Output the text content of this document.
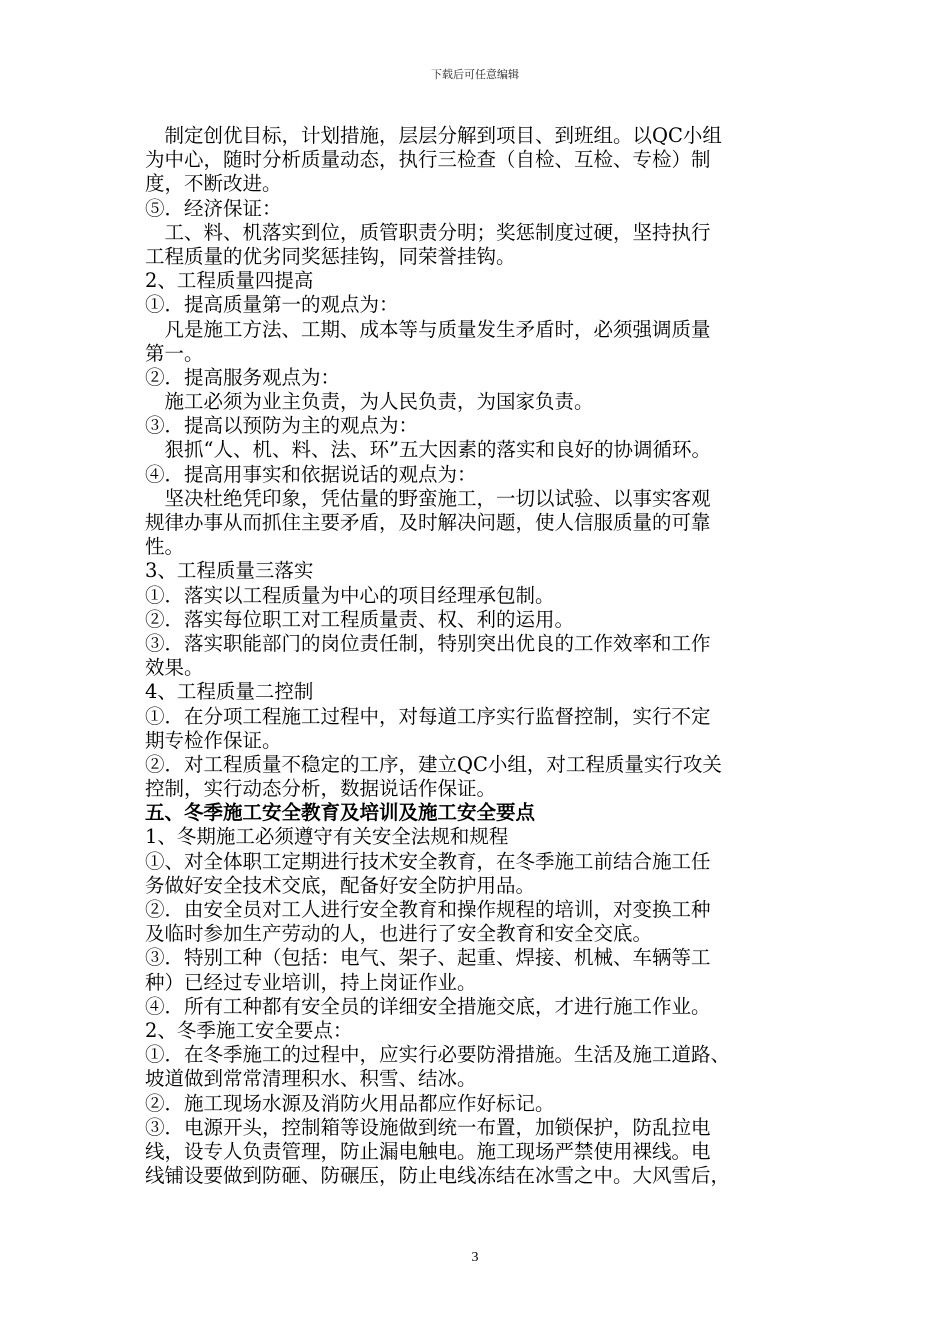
下载后可任意编辑
　制定创优目标，计划措施，层层分解到项目、到班组。以QC小组
为中心，随时分析质量动态，执行三检查（自检、互检、专检）制
度，不断改进。
⑤．经济保证：
　工、料、机落实到位，质管职责分明；奖惩制度过硬，坚持执行
工程质量的优劣同奖惩挂钩，同荣誉挂钩。
2、工程质量四提高
①．提高质量第一的观点为：
　凡是施工方法、工期、成本等与质量发生矛盾时，必须强调质量
第一。
②．提高服务观点为：
　施工必须为业主负责，为人民负责，为国家负责。
③．提高以预防为主的观点为：
　狠抓“人、机、料、法、环”五大因素的落实和良好的协调循环。
④．提高用事实和依据说话的观点为：
　坚决杜绝凭印象，凭估量的野蛮施工，一切以试验、以事实客观
规律办事从而抓住主要矛盾，及时解决问题，使人信服质量的可靠
性。
3、工程质量三落实
①．落实以工程质量为中心的项目经理承包制。
②．落实每位职工对工程质量责、权、利的运用。
③．落实职能部门的岗位责任制，特别突出优良的工作效率和工作
效果。
4、工程质量二控制
①．在分项工程施工过程中，对每道工序实行监督控制，实行不定
期专检作保证。
②．对工程质量不稳定的工序，建立QC小组，对工程质量实行攻关
控制，实行动态分析，数据说话作保证。
五、冬季施工安全教育及培训及施工安全要点
1、冬期施工必须遵守有关安全法规和规程
①、对全体职工定期进行技术安全教育，在冬季施工前结合施工任
务做好安全技术交底，配备好安全防护用品。
②．由安全员对工人进行安全教育和操作规程的培训，对变换工种
及临时参加生产劳动的人，也进行了安全教育和安全交底。
③．特别工种（包括：电气、架子、起重、焊接、机械、车辆等工
种）已经过专业培训，持上岗证作业。
④．所有工种都有安全员的详细安全措施交底，才进行施工作业。
2、冬季施工安全要点：
①．在冬季施工的过程中，应实行必要防滑措施。生活及施工道路、
坡道做到常常清理积水、积雪、结冰。
②．施工现场水源及消防火用品都应作好标记。
③．电源开头，控制箱等设施做到统一布置，加锁保护，防乱拉电
线，设专人负责管理，防止漏电触电。施工现场严禁使用裸线。电
线铺设要做到防砸、防碾压，防止电线冻结在冰雪之中。大风雪后，
3
